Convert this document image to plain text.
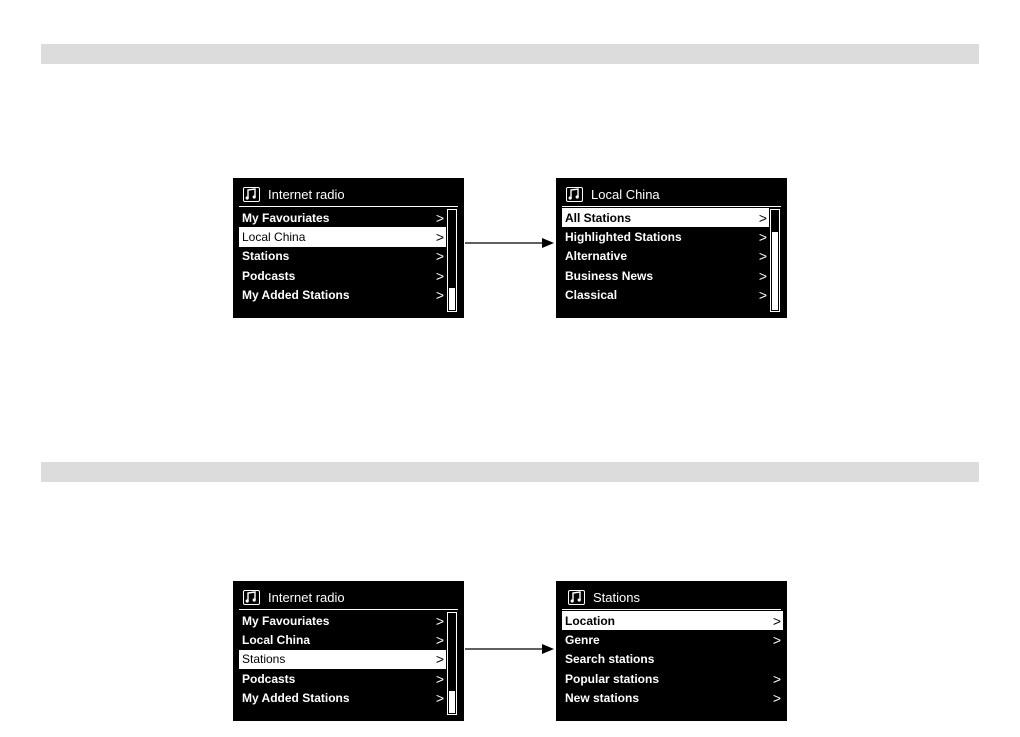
Internet radio
My Favouriates	>
Local China	>
Stations	>
Podcasts	>
My Added Stations	>
Local China
All Stations	>
Highlighted Stations	>
Alternative	>
Business News	>
Classical	>
Internet radio
My Favouriates	>
Local China	>
Stations	>
Podcasts	>
My Added Stations	>
Stations
Location	>
Genre	>
Search stations
Popular stations	>
New stations	>
